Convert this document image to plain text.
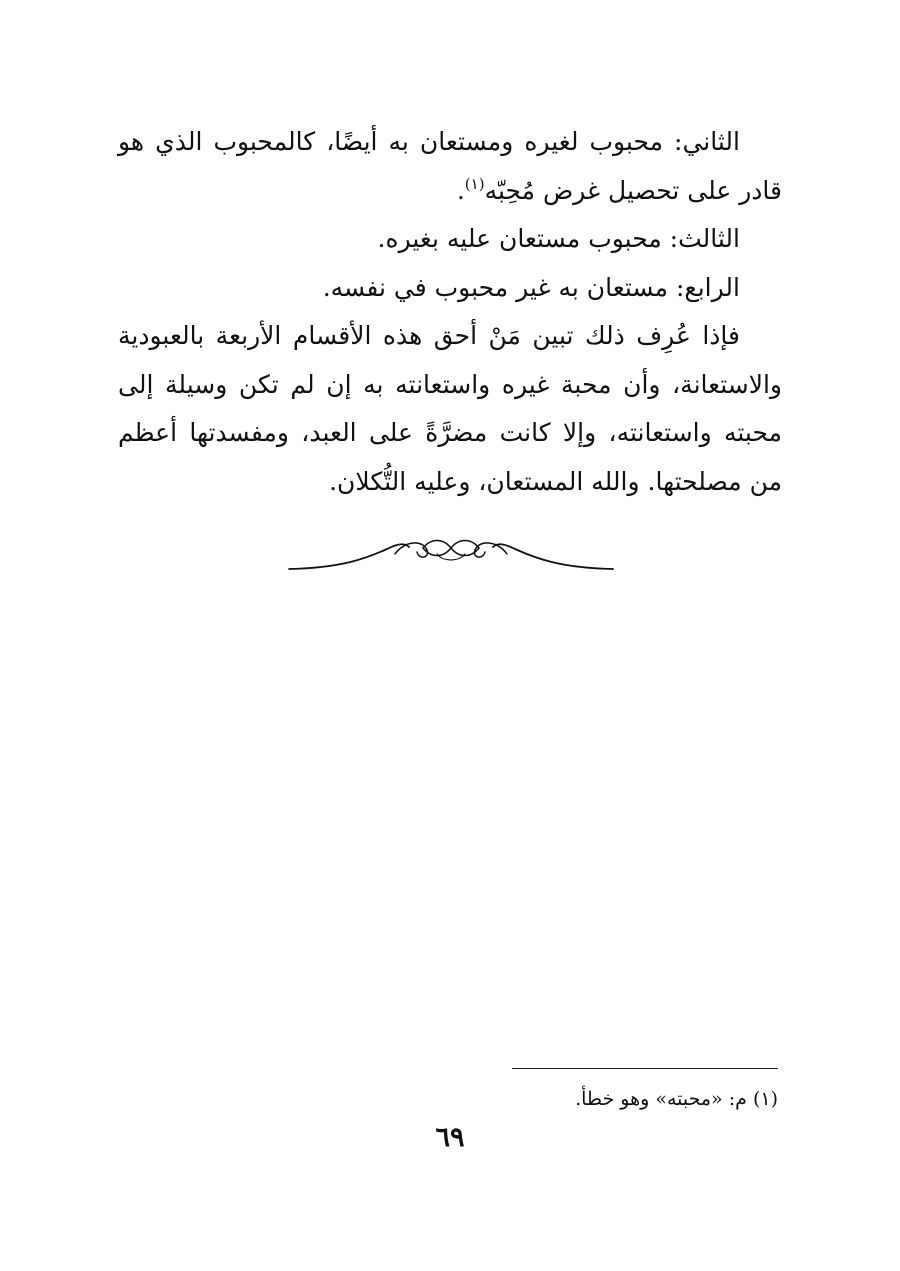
الثاني: محبوب لغيره ومستعان به أيضًا، كالمحبوب الذي هو قادر على تحصيل غرض مُحِبّه$^{(١)}$.

الثالث: محبوب مستعان عليه بغيره.

الرابع: مستعان به غير محبوب في نفسه.

فإذا عُرِف ذلك تبين مَنْ أحق هذه الأقسام الأربعة بالعبودية والاستعانة، وأن محبة غيره واستعانته به إن لم تكن وسيلة إلى محبته واستعانته، وإلا كانت مضرَّةً على العبد، ومفسدتها أعظم من مصلحتها. والله المستعان، وعليه التُّكلان.

(١) م: «محبته» وهو خطأ.
٦٩
